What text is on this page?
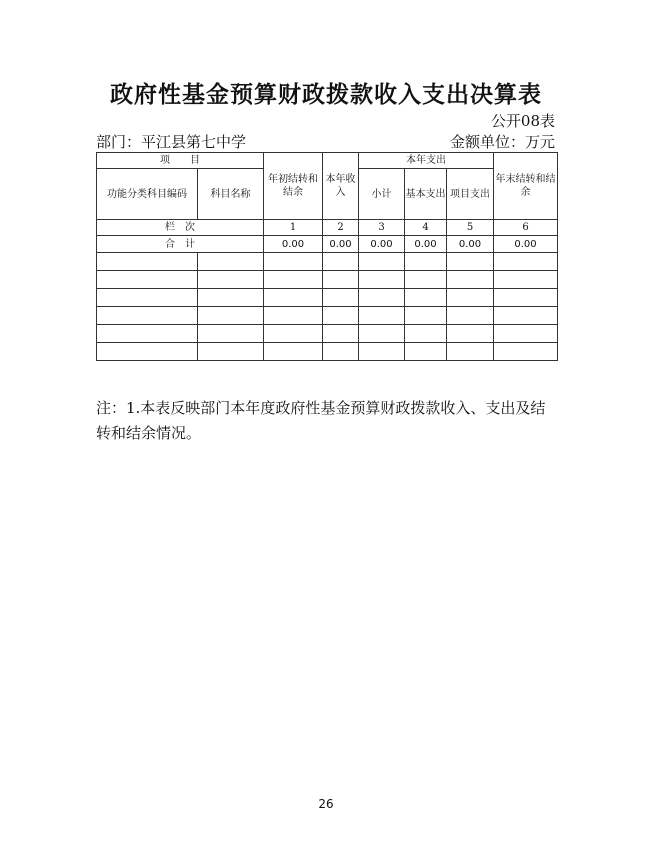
政府性基金预算财政拨款收入支出决算表

公开08表

部门：平江县第七中学	金额单位：万元

项　　目		年初结转和结余	本年收入	本年支出			年末结转和结余
功能分类科目编码	科目名称			小计	基本支出	项目支出	
栏　次		1	2	3	4	5	6
合　计		0.00	0.00	0.00	0.00	0.00	0.00

注：1.本表反映部门本年度政府性基金预算财政拨款收入、支出及结转和结余情况。

26
